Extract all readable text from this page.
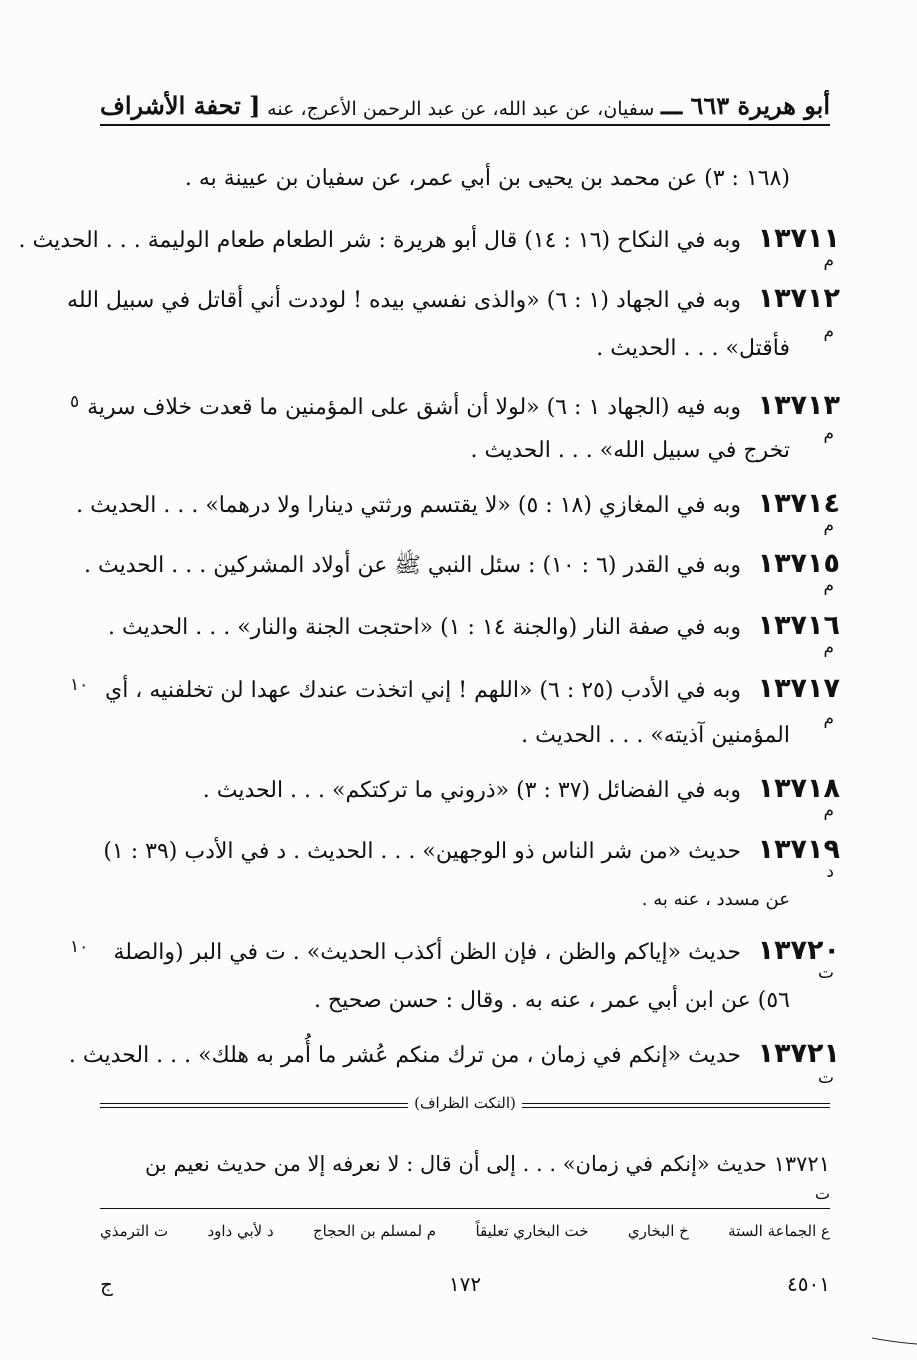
أبو هريرة ٦٦٣ ـــ
سفيان، عن عبد الله، عن عبد الرحمن الأعرج، عنه
[ تحفة الأشراف
(١٦٨ : ٣) عن محمد بن يحيى بن أبي عمر، عن سفيان بن عيينة به .
١٣٧١١ وبه في النكاح (١٦ : ١٤) قال أبو هريرة : شر الطعام طعام الوليمة . . . الحديث .
م
١٣٧١٢ وبه في الجهاد (١ : ٦) «والذى نفسي بيده ! لوددت أني أقاتل في سبيل الله
فأقتل» . . . الحديث .
م
١٣٧١٣ وبه فيه (الجهاد ١ : ٦) «لولا أن أشق على المؤمنين ما قعدت خلاف سرية
٥
تخرج في سبيل الله» . . . الحديث .
م
١٣٧١٤ وبه في المغازي (١٨ : ٥) «لا يقتسم ورثتي دينارا ولا درهما» . . . الحديث .
م
١٣٧١٥ وبه في القدر (٦ : ١٠) : سئل النبي ﷺ عن أولاد المشركين . . . الحديث .
م
١٣٧١٦ وبه في صفة النار (والجنة ١٤ : ١) «احتجت الجنة والنار» . . . الحديث .
م
١٣٧١٧ وبه في الأدب (٢٥ : ٦) «اللهم ! إني اتخذت عندك عهدا لن تخلفنيه ، أي
١٠
المؤمنين آذيته» . . . الحديث .
م
١٣٧١٨ وبه في الفضائل (٣٧ : ٣) «ذروني ما تركتكم» . . . الحديث .
م
١٣٧١٩ حديث «من شر الناس ذو الوجهين» . . . الحديث . د في الأدب (٣٩ : ١)
د
عن مسدد ، عنه به .
١٣٧٢٠ حديث «إياكم والظن ، فإن الظن أكذب الحديث» . ت في البر (والصلة
ت
١٠
٥٦) عن ابن أبي عمر ، عنه به . وقال : حسن صحيح .
١٣٧٢١ حديث «إنكم في زمان ، من ترك منكم عُشر ما أُمر به هلك» . . . الحديث .
ت
(النكت الظراف)
١٣٧٢١ حديث «إنكم في زمان» . . . إلى أن قال : لا نعرفه إلا من حديث نعيم بن
ت
ع الجماعة الستة
خ البخاري
خت البخاري تعليقاً
م لمسلم بن الحجاج
د لأبي داود
ت الترمذي
٤٥٠١
١٧٢
ج
